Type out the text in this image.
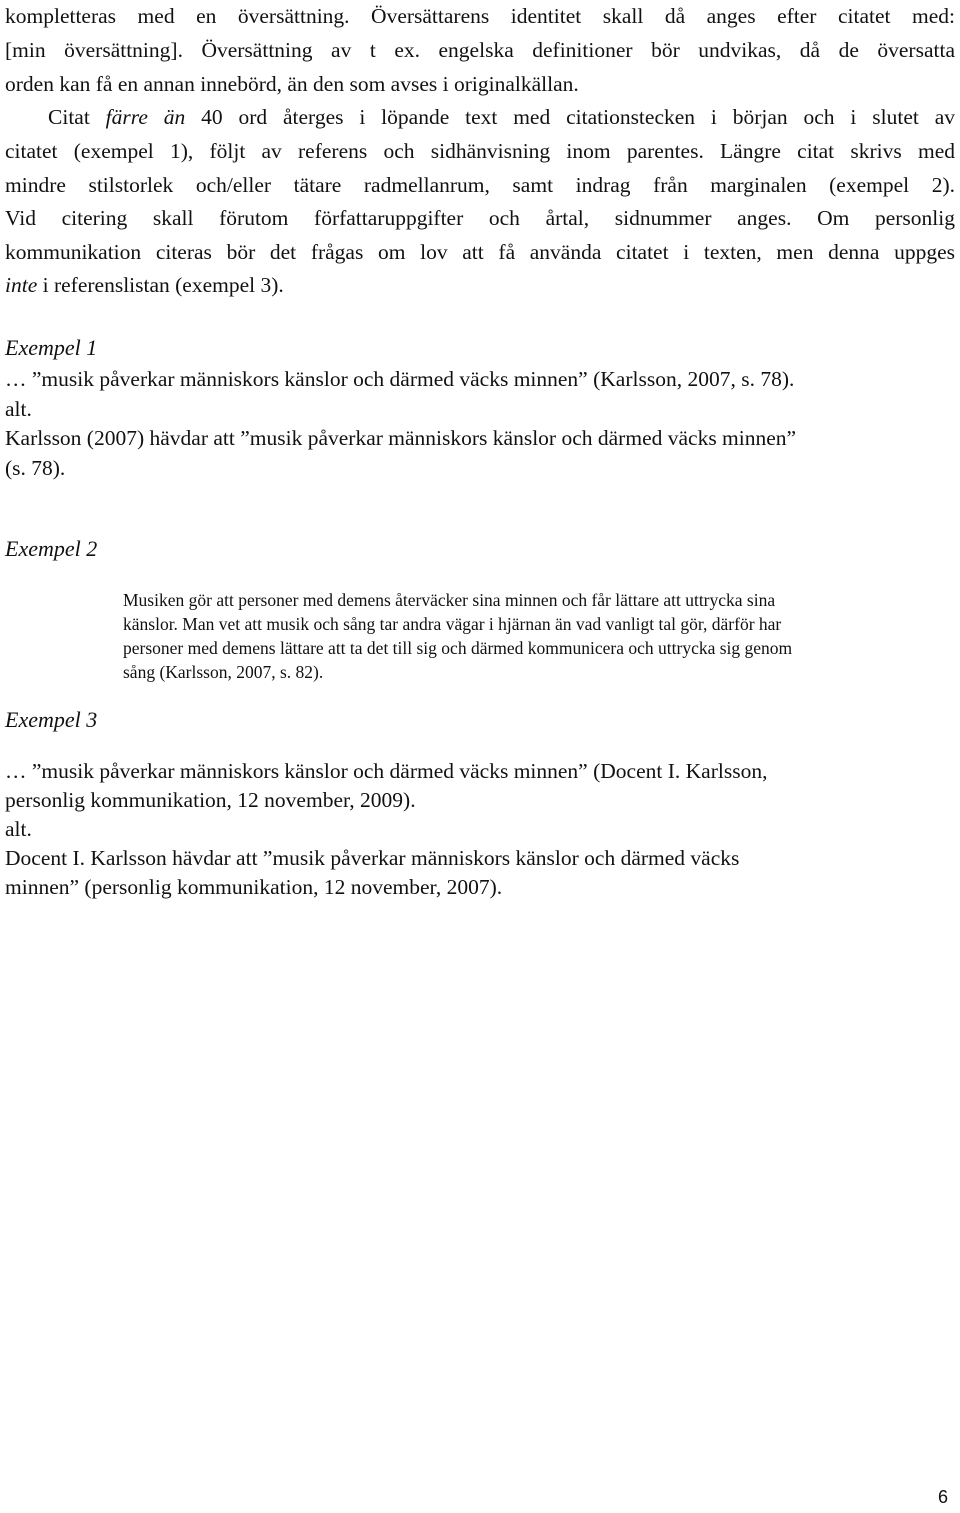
kompletteras med en översättning. Översättarens identitet skall då anges efter citatet med:
[min översättning]. Översättning av t ex. engelska definitioner bör undvikas, då de översatta
orden kan få en annan innebörd, än den som avses i originalkällan.
Citat färre än 40 ord återges i löpande text med citationstecken i början och i slutet av
citatet (exempel 1), följt av referens och sidhänvisning inom parentes. Längre citat skrivs med
mindre stilstorlek och/eller tätare radmellanrum, samt indrag från marginalen (exempel 2).
Vid citering skall förutom författaruppgifter och årtal, sidnummer anges. Om personlig
kommunikation citeras bör det frågas om lov att få använda citatet i texten, men denna uppges
inte i referenslistan (exempel 3).
Exempel 1
… ”musik påverkar människors känslor och därmed väcks minnen” (Karlsson, 2007, s. 78).
alt.
Karlsson (2007) hävdar att ”musik påverkar människors känslor och därmed väcks minnen”
(s. 78).
Exempel 2
Musiken gör att personer med demens återväcker sina minnen och får lättare att uttrycka sina
känslor. Man vet att musik och sång tar andra vägar i hjärnan än vad vanligt tal gör, därför har
personer med demens lättare att ta det till sig och därmed kommunicera och uttrycka sig genom
sång (Karlsson, 2007, s. 82).
Exempel 3
… ”musik påverkar människors känslor och därmed väcks minnen” (Docent I. Karlsson,
personlig kommunikation, 12 november, 2009).
alt.
Docent I. Karlsson hävdar att ”musik påverkar människors känslor och därmed väcks
minnen” (personlig kommunikation, 12 november, 2007).
6
